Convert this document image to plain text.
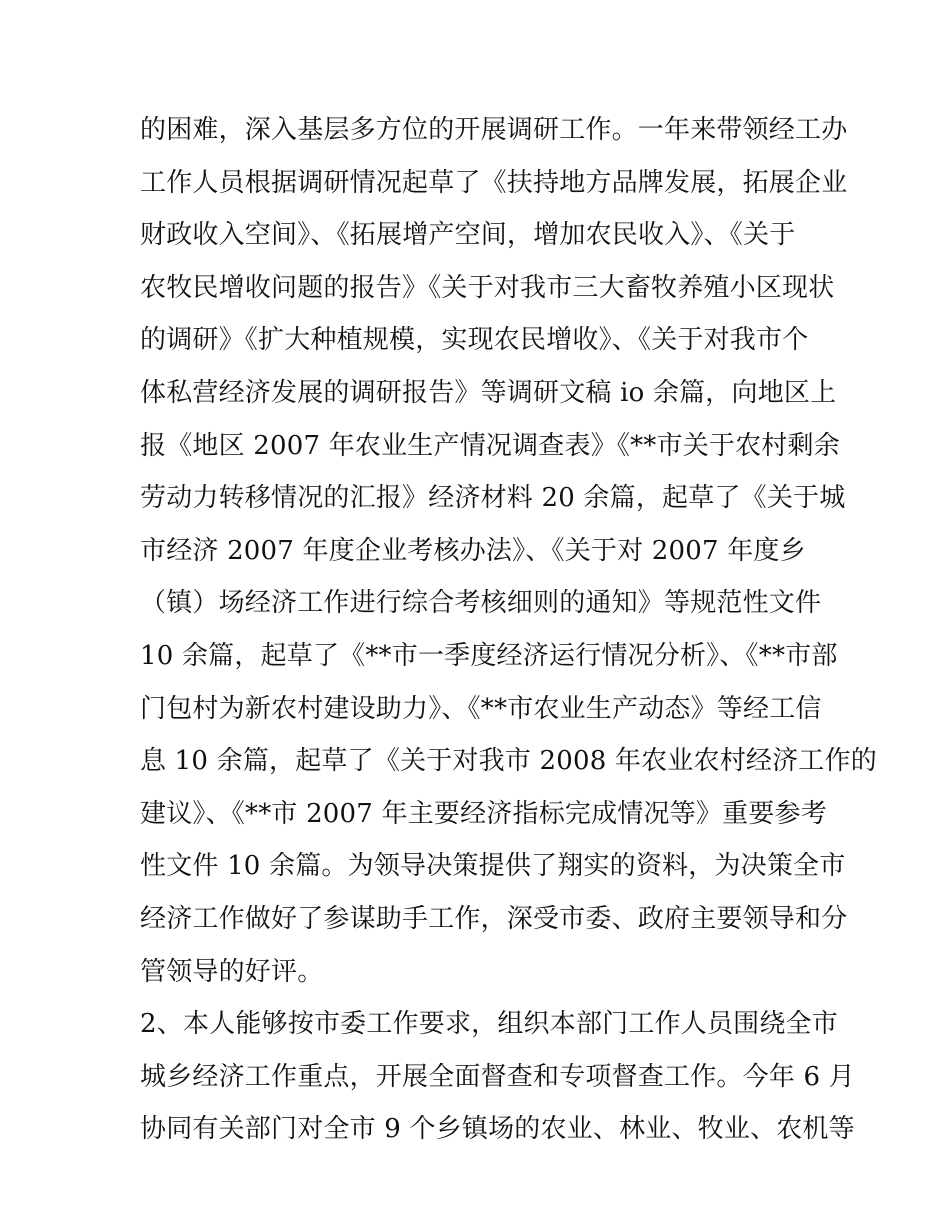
的困难，深入基层多方位的开展调研工作。一年来带领经工办
工作人员根据调研情况起草了《扶持地方品牌发展，拓展企业
财政收入空间》、《拓展增产空间，增加农民收入》、《关于
农牧民增收问题的报告》《关于对我市三大畜牧养殖小区现状
的调研》《扩大种植规模，实现农民增收》、《关于对我市个
体私营经济发展的调研报告》等调研文稿 io 余篇，向地区上
报《地区 2007 年农业生产情况调查表》《**市关于农村剩余
劳动力转移情况的汇报》经济材料 20 余篇，起草了《关于城
市经济 2007 年度企业考核办法》、《关于对 2007 年度乡
（镇）场经济工作进行综合考核细则的通知》等规范性文件
10 余篇，起草了《**市一季度经济运行情况分析》、《**市部
门包村为新农村建设助力》、《**市农业生产动态》等经工信
息 10 余篇，起草了《关于对我市 2008 年农业农村经济工作的
建议》、《**市 2007 年主要经济指标完成情况等》重要参考
性文件 10 余篇。为领导决策提供了翔实的资料，为决策全市
经济工作做好了参谋助手工作，深受市委、政府主要领导和分
管领导的好评。
2、本人能够按市委工作要求，组织本部门工作人员围绕全市
城乡经济工作重点，开展全面督查和专项督查工作。今年 6 月
协同有关部门对全市 9 个乡镇场的农业、林业、牧业、农机等
